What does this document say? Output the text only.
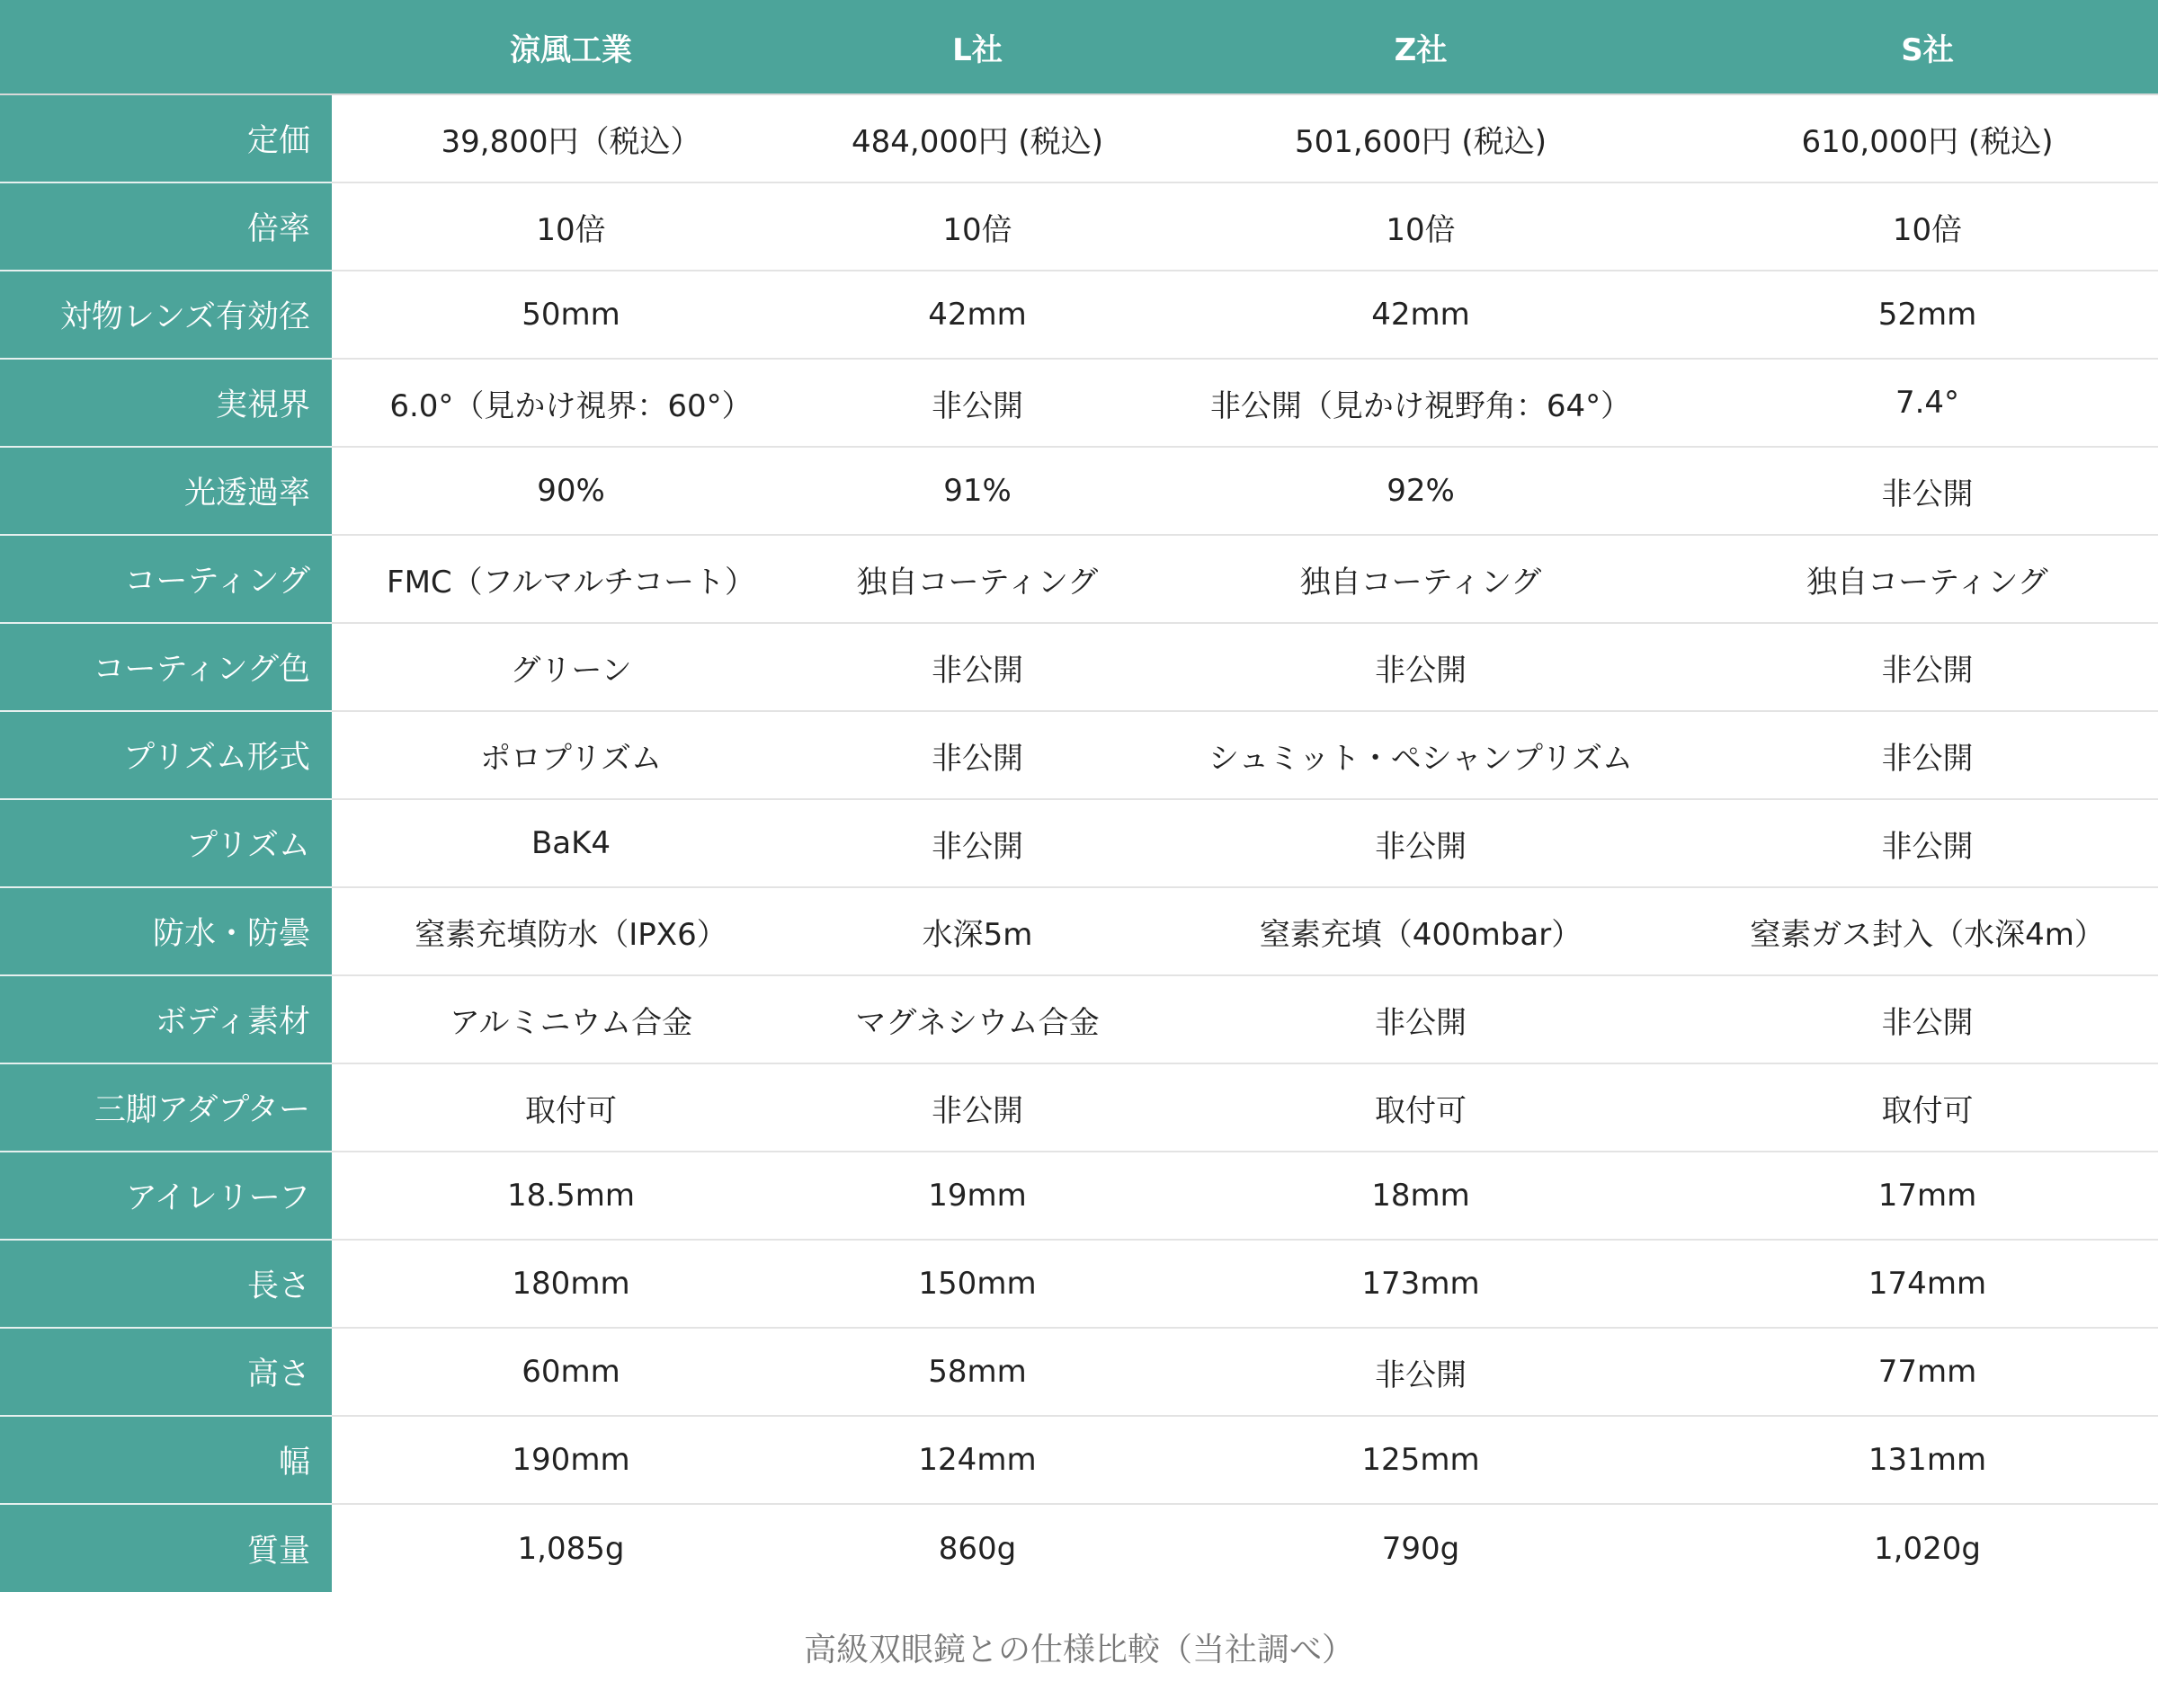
	涼風工業	L社	Z社	S社
定価	39,800円（税込）	484,000円 (税込)	501,600円 (税込)	610,000円 (税込)
倍率	10倍	10倍	10倍	10倍
対物レンズ有効径	50mm	42mm	42mm	52mm
実視界	6.0°（見かけ視界：60°）	非公開	非公開（見かけ視野角：64°）	7.4°
光透過率	90%	91%	92%	非公開
コーティング	FMC（フルマルチコート）	独自コーティング	独自コーティング	独自コーティング
コーティング色	グリーン	非公開	非公開	非公開
プリズム形式	ポロプリズム	非公開	シュミット・ペシャンプリズム	非公開
プリズム	BaK4	非公開	非公開	非公開
防水・防曇	窒素充填防水（IPX6）	水深5m	窒素充填（400mbar）	窒素ガス封入（水深4m）
ボディ素材	アルミニウム合金	マグネシウム合金	非公開	非公開
三脚アダプター	取付可	非公開	取付可	取付可
アイレリーフ	18.5mm	19mm	18mm	17mm
長さ	180mm	150mm	173mm	174mm
高さ	60mm	58mm	非公開	77mm
幅	190mm	124mm	125mm	131mm
質量	1,085g	860g	790g	1,020g
高級双眼鏡との仕様比較（当社調べ）
